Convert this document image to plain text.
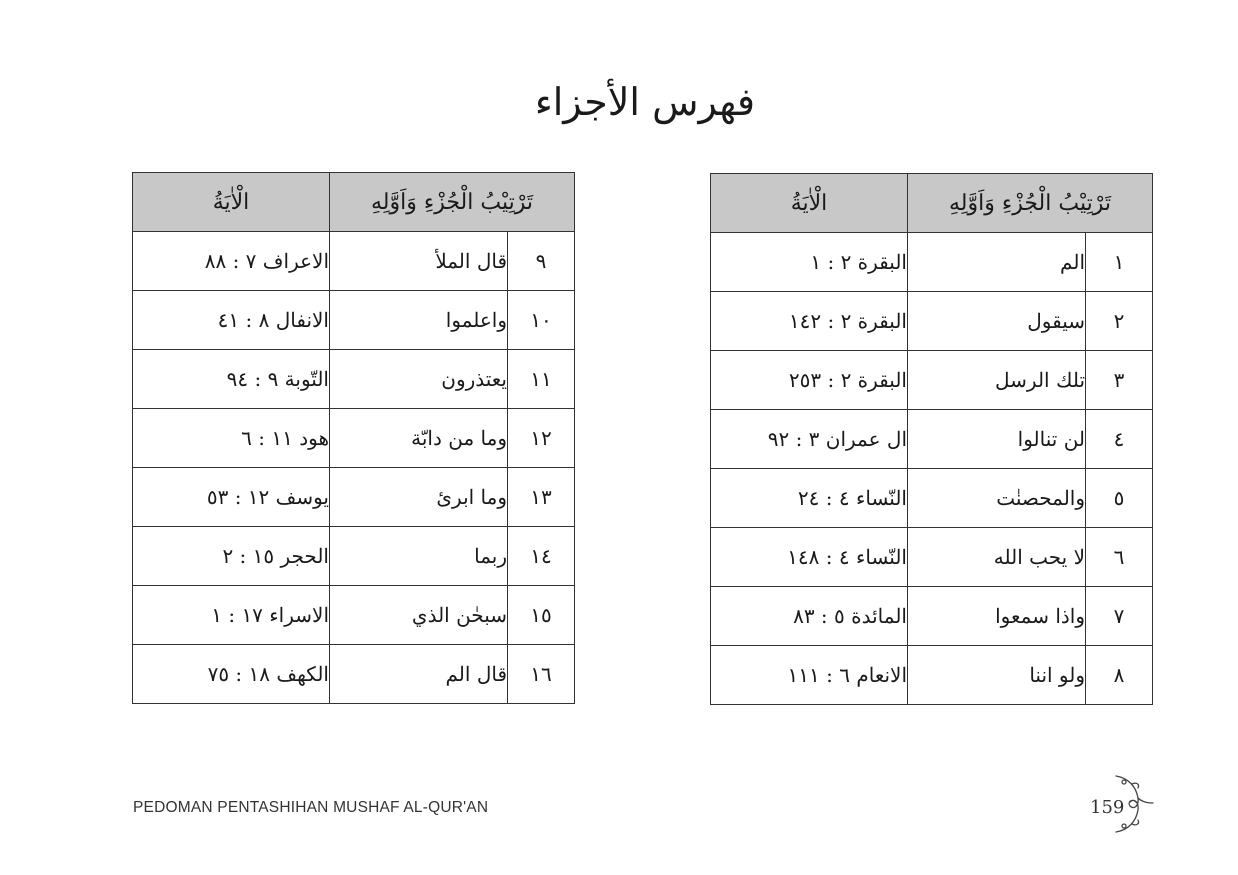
فهرس الأجزاء
تَرْتِيْبُ الْجُزْءِ وَاَوَّلِهِ		الْاٰيَةُ
١	الم	البقرة ٢ : ١
٢	سيقول	البقرة ٢ : ١٤٢
٣	تلك الرسل	البقرة ٢ : ٢٥٣
٤	لن تنالوا	ال عمران ٣ : ٩٢
٥	والمحصنٰت	النّساء ٤ : ٢٤
٦	لا يحب الله	النّساء ٤ : ١٤٨
٧	واذا سمعوا	المائدة ٥ : ٨٣
٨	ولو اننا	الانعام ٦ : ١١١
تَرْتِيْبُ الْجُزْءِ وَاَوَّلِهِ		الْاٰيَةُ
٩	قال الملأ	الاعراف ٧ : ٨٨
١٠	واعلموا	الانفال ٨ : ٤١
١١	يعتذرون	التّوبة ٩ : ٩٤
١٢	وما من دابّة	هود ١١ : ٦
١٣	وما ابرئ	يوسف ١٢ : ٥٣
١٤	ربما	الحجر ١٥ : ٢
١٥	سبحٰن الذي	الاسراء ١٧ : ١
١٦	قال الم	الكهف ١٨ : ٧٥
PEDOMAN PENTASHIHAN MUSHAF AL-QUR'AN	159
